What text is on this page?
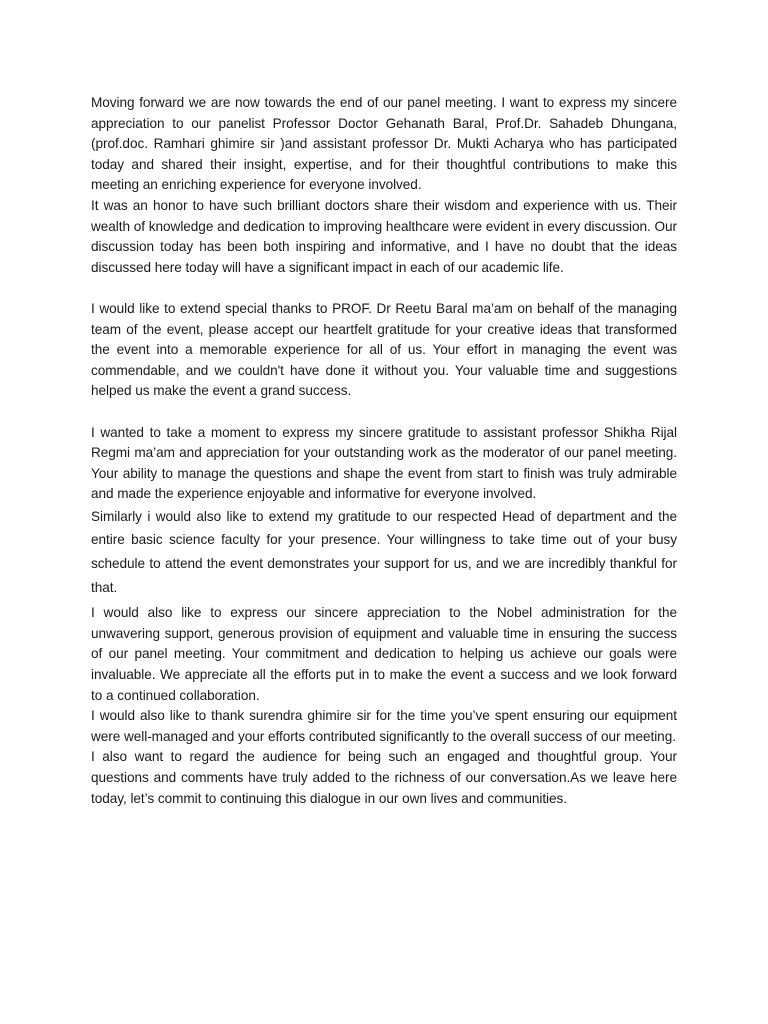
Moving forward we are now towards the end of our panel meeting. I want to express my sincere appreciation to our panelist Professor Doctor Gehanath Baral, Prof.Dr. Sahadeb Dhungana, (prof.doc. Ramhari ghimire sir )and assistant professor Dr. Mukti Acharya who has participated today and shared their insight, expertise, and for their thoughtful contributions to make this meeting an enriching experience for everyone involved.

It was an honor to have such brilliant doctors share their wisdom and experience with us. Their wealth of knowledge and dedication to improving healthcare were evident in every discussion. Our discussion today has been both inspiring and informative, and I have no doubt that the ideas discussed here today will have a significant impact in each of our academic life.

I would like to extend special thanks to PROF. Dr Reetu Baral ma’am on behalf of the managing team of the event, please accept our heartfelt gratitude for your creative ideas that transformed the event into a memorable experience for all of us. Your effort in managing the event was commendable, and we couldn't have done it without you. Your valuable time and suggestions helped us make the event a grand success.

I wanted to take a moment to express my sincere gratitude to assistant professor Shikha Rijal Regmi ma’am and appreciation for your outstanding work as the moderator of our panel meeting. Your ability to manage the questions and shape the event from start to finish was truly admirable and made the experience enjoyable and informative for everyone involved.

Similarly i would also like to extend my gratitude to our respected Head of department and the entire basic science faculty for your presence. Your willingness to take time out of your busy schedule to attend the event demonstrates your support for us, and we are incredibly thankful for that.

I would also like to express our sincere appreciation to the Nobel administration for the unwavering support, generous provision of equipment and valuable time in ensuring the success of our panel meeting. Your commitment and dedication to helping us achieve our goals were invaluable. We appreciate all the efforts put in to make the event a success and we look forward to a continued collaboration.

I would also like to thank surendra ghimire sir for the time you’ve spent ensuring our equipment were well-managed and your efforts contributed significantly to the overall success of our meeting.

I also want to regard the audience for being such an engaged and thoughtful group. Your questions and comments have truly added to the richness of our conversation.As we leave here today, let’s commit to continuing this dialogue in our own lives and communities.
